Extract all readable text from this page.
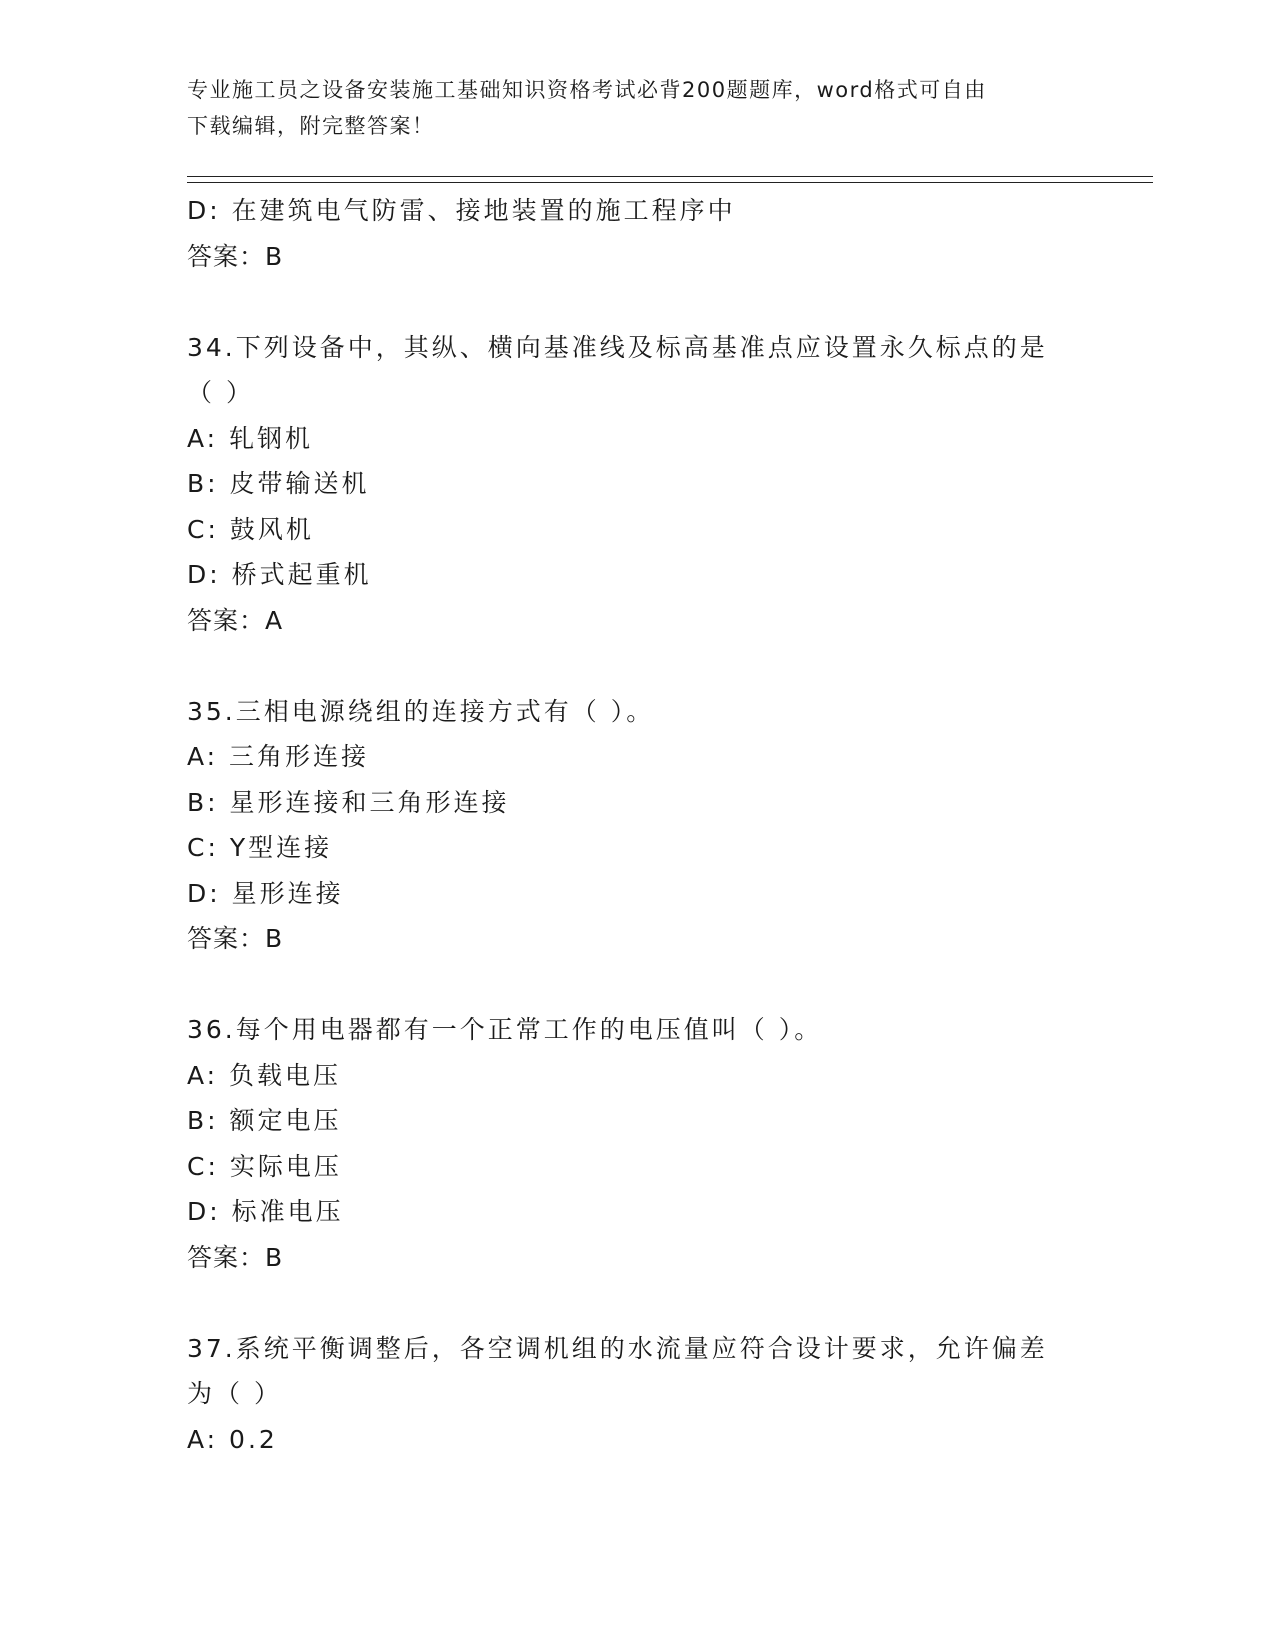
专业施工员之设备安装施工基础知识资格考试必背200题题库，word格式可自由
下载编辑，附完整答案！
D: 在建筑电气防雷、接地装置的施工程序中
答案：B
34.下列设备中，其纵、横向基准线及标高基准点应设置永久标点的是
（ ）
A: 轧钢机
B: 皮带输送机
C: 鼓风机
D: 桥式起重机
答案：A
35.三相电源绕组的连接方式有（ ）。
A: 三角形连接
B: 星形连接和三角形连接
C: Y型连接
D: 星形连接
答案：B
36.每个用电器都有一个正常工作的电压值叫（ ）。
A: 负载电压
B: 额定电压
C: 实际电压
D: 标准电压
答案：B
37.系统平衡调整后，各空调机组的水流量应符合设计要求，允许偏差
为（ ）
A: 0.2
